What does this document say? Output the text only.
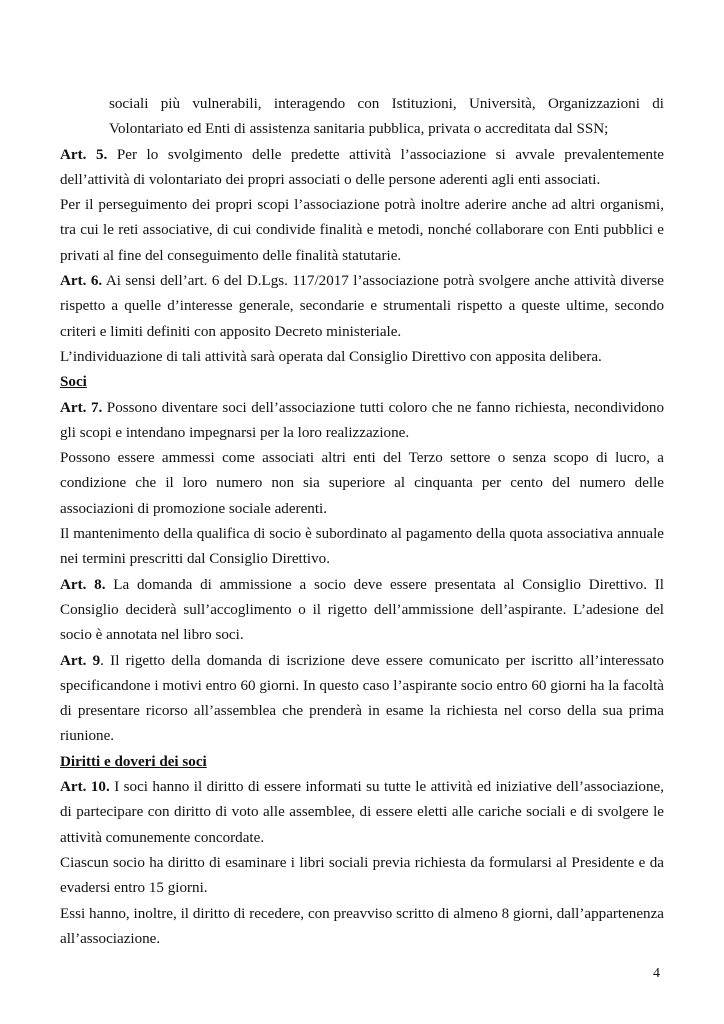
sociali più vulnerabili, interagendo con Istituzioni, Università, Organizzazioni di Volontariato ed Enti di assistenza sanitaria pubblica, privata o accreditata dal SSN;

Art. 5. Per lo svolgimento delle predette attività l’associazione si avvale prevalentemente dell’attività di volontariato dei propri associati o delle persone aderenti agli enti associati.

Per il perseguimento dei propri scopi l’associazione potrà inoltre aderire anche ad altri organismi, tra cui le reti associative, di cui condivide finalità e metodi, nonché collaborare con Enti pubblici e privati al fine del conseguimento delle finalità statutarie.

Art. 6. Ai sensi dell’art. 6 del D.Lgs. 117/2017 l’associazione potrà svolgere anche attività diverse rispetto a quelle d’interesse generale, secondarie e strumentali rispetto a queste ultime, secondo criteri e limiti definiti con apposito Decreto ministeriale.

L’individuazione di tali attività sarà operata dal Consiglio Direttivo con apposita delibera.

Soci

Art. 7. Possono diventare soci dell’associazione tutti coloro che ne fanno richiesta, necondividono gli scopi e intendano impegnarsi per la loro realizzazione.

Possono essere ammessi come associati altri enti del Terzo settore o senza scopo di lucro, a condizione che il loro numero non sia superiore al cinquanta per cento del numero delle associazioni di promozione sociale aderenti.

Il mantenimento della qualifica di socio è subordinato al pagamento della quota associativa annuale nei termini prescritti dal Consiglio Direttivo.

Art. 8. La domanda di ammissione a socio deve essere presentata al Consiglio Direttivo. Il Consiglio deciderà sull’accoglimento o il rigetto dell’ammissione dell’aspirante. L’adesione del socio è annotata nel libro soci.

Art. 9. Il rigetto della domanda di iscrizione deve essere comunicato per iscritto all’interessato specificandone i motivi entro 60 giorni. In questo caso l’aspirante socio entro 60 giorni ha la facoltà di presentare ricorso all’assemblea che prenderà in esame la richiesta nel corso della sua prima riunione.

Diritti e doveri dei soci

Art. 10. I soci hanno il diritto di essere informati su tutte le attività ed iniziative dell’associazione, di partecipare con diritto di voto alle assemblee, di essere eletti alle cariche sociali e di svolgere le attività comunemente concordate.

Ciascun socio ha diritto di esaminare i libri sociali previa richiesta da formularsi al Presidente e da evadersi entro 15 giorni.

Essi hanno, inoltre, il diritto di recedere, con preavviso scritto di almeno 8 giorni, dall’appartenenza all’associazione.

4
